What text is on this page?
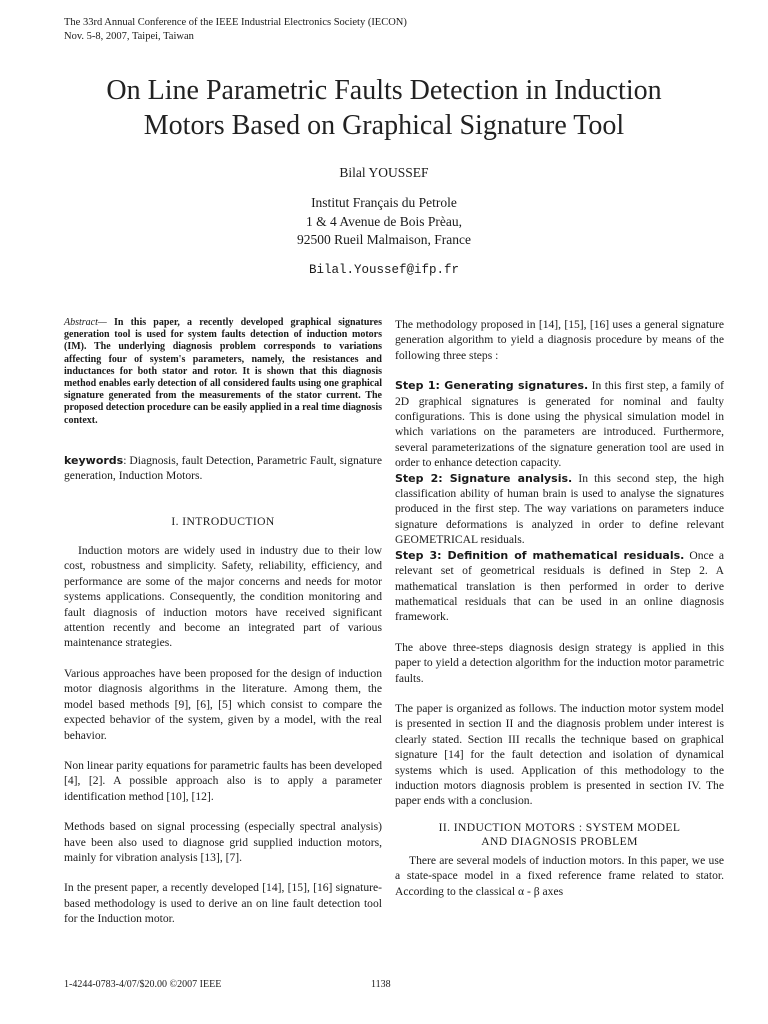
The 33rd Annual Conference of the IEEE Industrial Electronics Society (IECON)
Nov. 5-8, 2007, Taipei, Taiwan
On Line Parametric Faults Detection in Induction
Motors Based on Graphical Signature Tool
Bilal YOUSSEF
Institut Français du Petrole
1 & 4 Avenue de Bois Prèau,
92500 Rueil Malmaison, France
Bilal.Youssef@ifp.fr

Abstract— In this paper, a recently developed graphical signatures generation tool is used for system faults detection of induction motors (IM). The underlying diagnosis problem corresponds to variations affecting four of system's parameters, namely, the resistances and inductances for both stator and rotor. It is shown that this diagnosis method enables early detection of all considered faults using one graphical signature generated from the measurements of the stator current. The proposed detection procedure can be easily applied in a real time diagnosis context.

keywords: Diagnosis, fault Detection, Parametric Fault, signature generation, Induction Motors.

I. INTRODUCTION

Induction motors are widely used in industry due to their low cost, robustness and simplicity. Safety, reliability, efficiency, and performance are some of the major concerns and needs for motor systems applications. Consequently, the condition monitoring and fault diagnosis of induction motors have received significant attention recently and become an integrated part of various maintenance strategies.

Various approaches have been proposed for the design of induction motor diagnosis algorithms in the literature. Among them, the model based methods [9], [6], [5] which consist to compare the expected behavior of the system, given by a model, with the real behavior.

Non linear parity equations for parametric faults has been developed [4], [2]. A possible approach also is to apply a parameter identification method [10], [12].

Methods based on signal processing (especially spectral analysis) have been also used to diagnose grid supplied induction motors, mainly for vibration analysis [13], [7].

In the present paper, a recently developed [14], [15], [16] signature-based methodology is used to derive an on line fault detection tool for the Induction motor.

The methodology proposed in [14], [15], [16] uses a general signature generation algorithm to yield a diagnosis procedure by means of the following three steps :

Step 1: Generating signatures. In this first step, a family of 2D graphical signatures is generated for nominal and faulty configurations. This is done using the physical simulation model in which variations on the parameters are introduced. Furthermore, several parameterizations of the signature generation tool are used in order to enhance detection capacity.

Step 2: Signature analysis. In this second step, the high classification ability of human brain is used to analyse the signatures produced in the first step. The way variations on parameters induce signature deformations is analyzed in order to define relevant GEOMETRICAL residuals.

Step 3: Definition of mathematical residuals. Once a relevant set of geometrical residuals is defined in Step 2. A mathematical translation is then performed in order to derive mathematical residuals that can be used in an online diagnosis framework.

The above three-steps diagnosis design strategy is applied in this paper to yield a detection algorithm for the induction motor parametric faults.

The paper is organized as follows. The induction motor system model is presented in section II and the diagnosis problem under interest is clearly stated. Section III recalls the technique based on graphical signature [14] for the fault detection and isolation of dynamical systems which is used. Application of this methodology to the induction motors diagnosis problem is presented in section IV. The paper ends with a conclusion.

II. INDUCTION MOTORS : SYSTEM MODEL
AND DIAGNOSIS PROBLEM

There are several models of induction motors. In this paper, we use a state-space model in a fixed reference frame related to stator. According to the classical α - β axes

1-4244-0783-4/07/$20.00 ©2007 IEEE	1138
